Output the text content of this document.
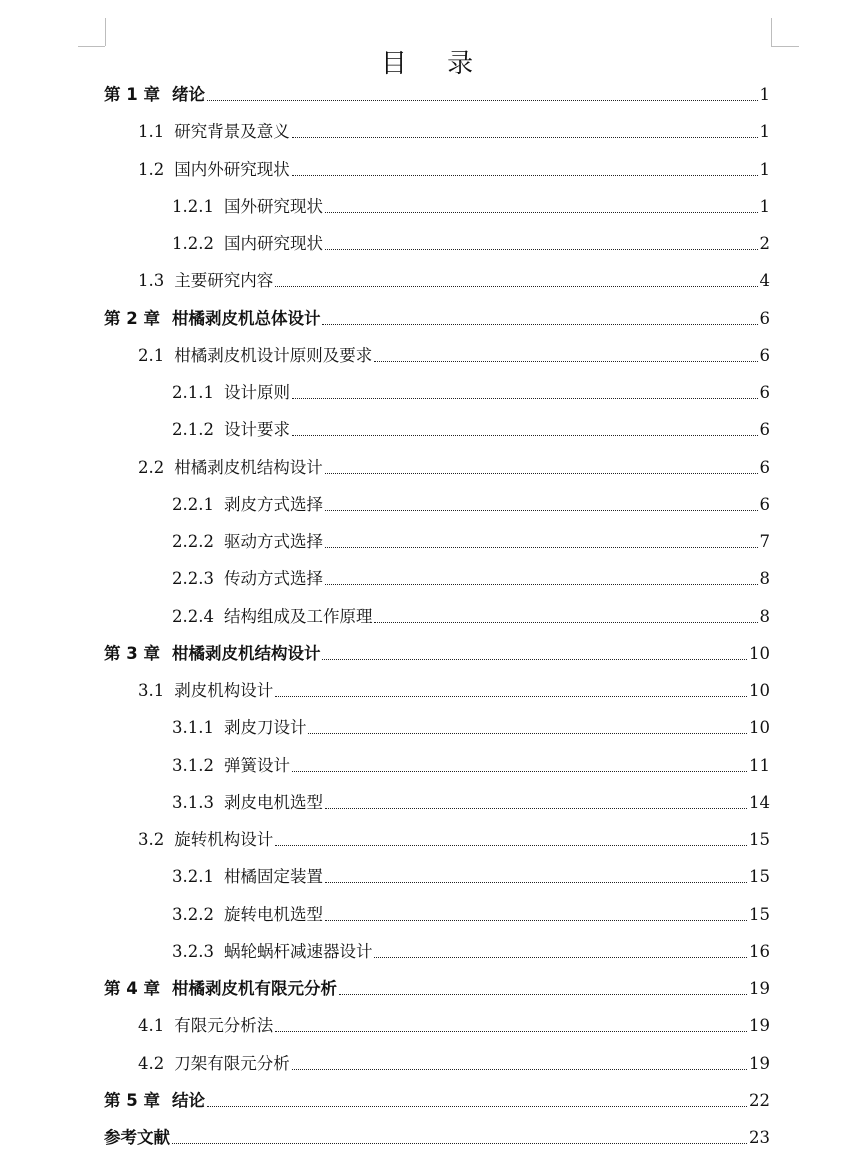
目 录
第 1 章 绪论	1
1.1 研究背景及意义	1
1.2 国内外研究现状	1
1.2.1 国外研究现状	1
1.2.2 国内研究现状	2
1.3 主要研究内容	4
第 2 章 柑橘剥皮机总体设计	6
2.1 柑橘剥皮机设计原则及要求	6
2.1.1 设计原则	6
2.1.2 设计要求	6
2.2 柑橘剥皮机结构设计	6
2.2.1 剥皮方式选择	6
2.2.2 驱动方式选择	7
2.2.3 传动方式选择	8
2.2.4 结构组成及工作原理	8
第 3 章 柑橘剥皮机结构设计	10
3.1 剥皮机构设计	10
3.1.1 剥皮刀设计	10
3.1.2 弹簧设计	11
3.1.3 剥皮电机选型	14
3.2 旋转机构设计	15
3.2.1 柑橘固定装置	15
3.2.2 旋转电机选型	15
3.2.3 蜗轮蜗杆减速器设计	16
第 4 章 柑橘剥皮机有限元分析	19
4.1 有限元分析法	19
4.2 刀架有限元分析	19
第 5 章 结论	22
参考文献	23
